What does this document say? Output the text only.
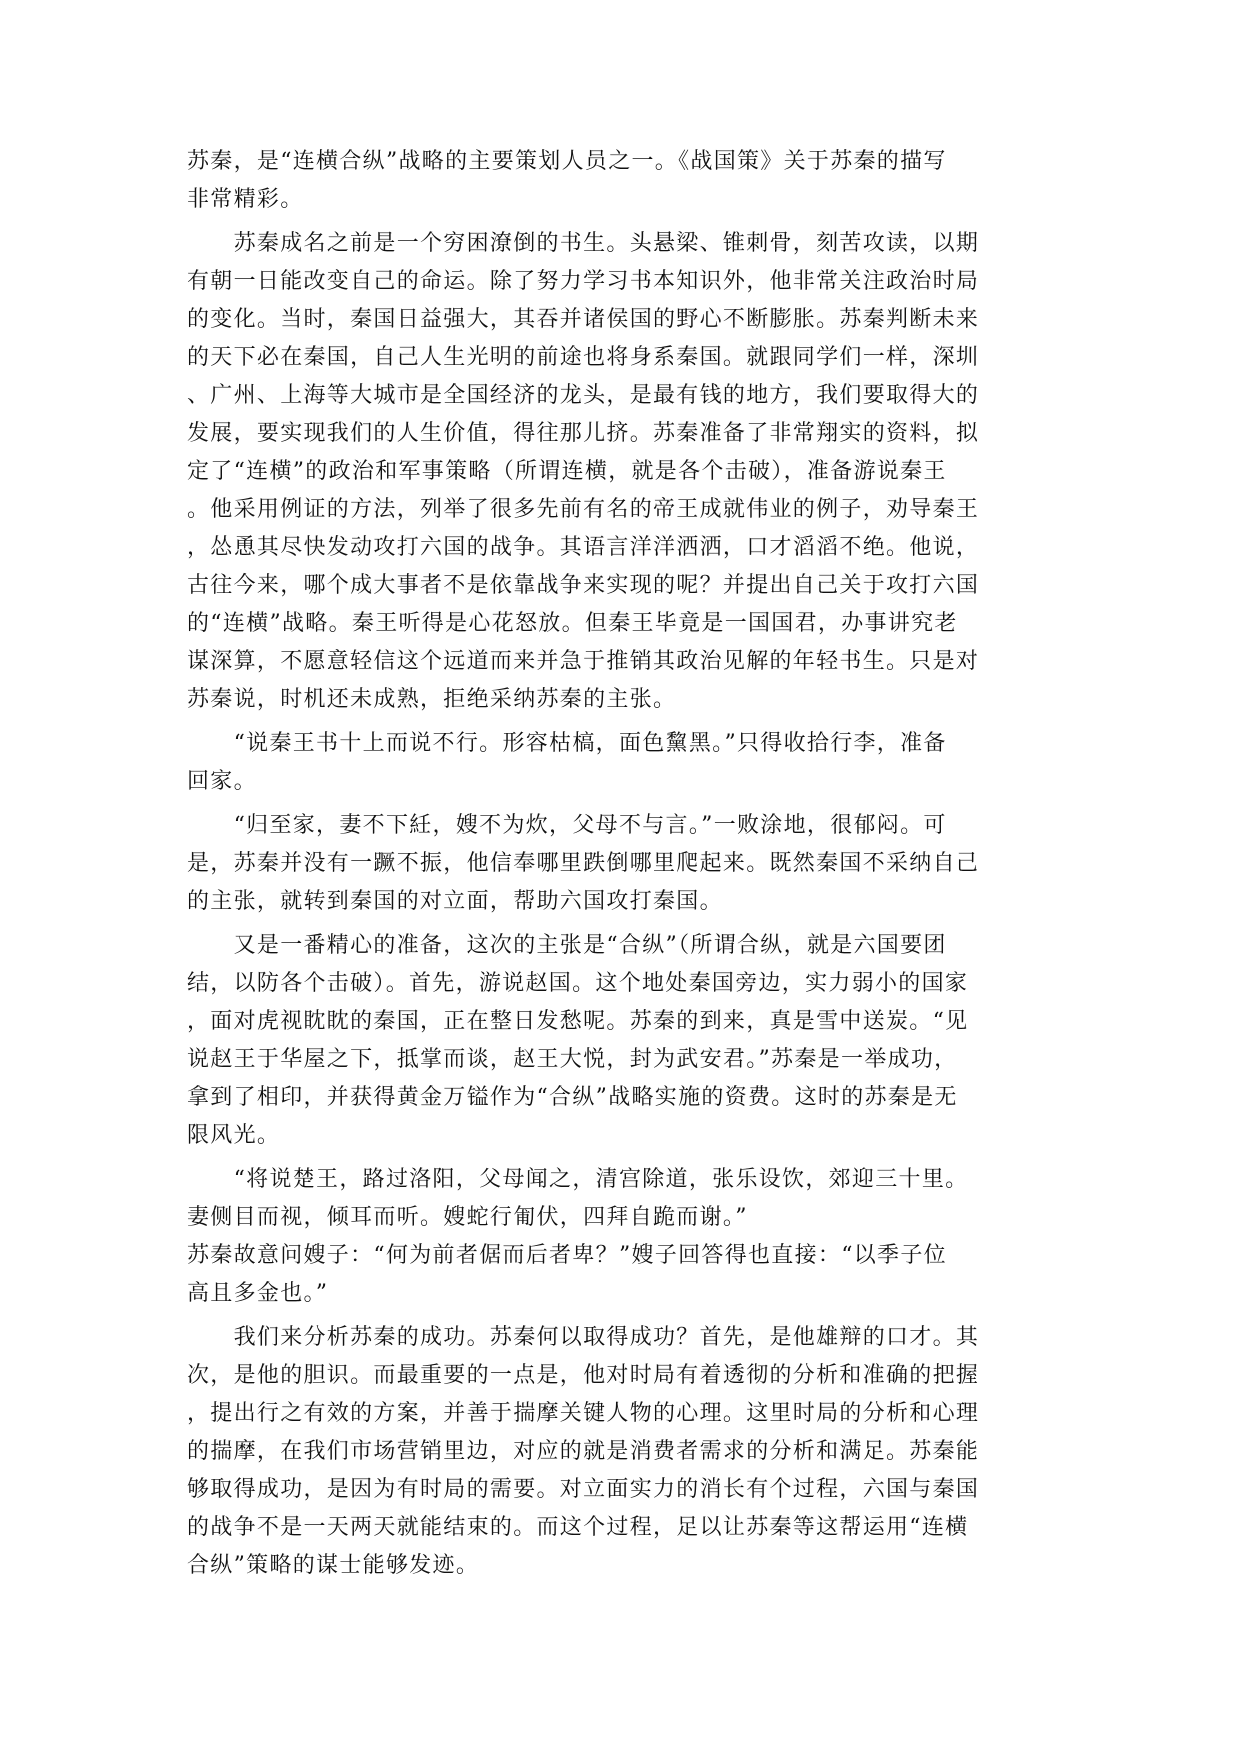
苏秦，是“连横合纵”战略的主要策划人员之一。《战国策》关于苏秦的描写
非常精彩。
　　苏秦成名之前是一个穷困潦倒的书生。头悬梁、锥刺骨，刻苦攻读，以期
有朝一日能改变自己的命运。除了努力学习书本知识外，他非常关注政治时局
的变化。当时，秦国日益强大，其吞并诸侯国的野心不断膨胀。苏秦判断未来
的天下必在秦国，自己人生光明的前途也将身系秦国。就跟同学们一样，深圳
、广州、上海等大城市是全国经济的龙头，是最有钱的地方，我们要取得大的
发展，要实现我们的人生价值，得往那儿挤。苏秦准备了非常翔实的资料，拟
定了“连横”的政治和军事策略（所谓连横，就是各个击破），准备游说秦王
。他采用例证的方法，列举了很多先前有名的帝王成就伟业的例子，劝导秦王
，怂恿其尽快发动攻打六国的战争。其语言洋洋洒洒，口才滔滔不绝。他说，
古往今来，哪个成大事者不是依靠战争来实现的呢？并提出自己关于攻打六国
的“连横”战略。秦王听得是心花怒放。但秦王毕竟是一国国君，办事讲究老
谋深算，不愿意轻信这个远道而来并急于推销其政治见解的年轻书生。只是对
苏秦说，时机还未成熟，拒绝采纳苏秦的主张。
　　“说秦王书十上而说不行。形容枯槁，面色黧黑。”只得收拾行李，准备
回家。
　　“归至家，妻不下紝，嫂不为炊，父母不与言。”一败涂地，很郁闷。可
是，苏秦并没有一蹶不振，他信奉哪里跌倒哪里爬起来。既然秦国不采纳自己
的主张，就转到秦国的对立面，帮助六国攻打秦国。
　　又是一番精心的准备，这次的主张是“合纵”（所谓合纵，就是六国要团
结，以防各个击破）。首先，游说赵国。这个地处秦国旁边，实力弱小的国家
，面对虎视眈眈的秦国，正在整日发愁呢。苏秦的到来，真是雪中送炭。“见
说赵王于华屋之下，抵掌而谈，赵王大悦，封为武安君。”苏秦是一举成功，
拿到了相印，并获得黄金万镒作为“合纵”战略实施的资费。这时的苏秦是无
限风光。
　　“将说楚王，路过洛阳，父母闻之，清宫除道，张乐设饮，郊迎三十里。
妻侧目而视，倾耳而听。嫂蛇行匍伏，四拜自跪而谢。”
苏秦故意问嫂子：“何为前者倨而后者卑？”嫂子回答得也直接：“以季子位
高且多金也。”
　　我们来分析苏秦的成功。苏秦何以取得成功？首先，是他雄辩的口才。其
次，是他的胆识。而最重要的一点是，他对时局有着透彻的分析和准确的把握
，提出行之有效的方案，并善于揣摩关键人物的心理。这里时局的分析和心理
的揣摩，在我们市场营销里边，对应的就是消费者需求的分析和满足。苏秦能
够取得成功，是因为有时局的需要。对立面实力的消长有个过程，六国与秦国
的战争不是一天两天就能结束的。而这个过程，足以让苏秦等这帮运用“连横
合纵”策略的谋士能够发迹。
